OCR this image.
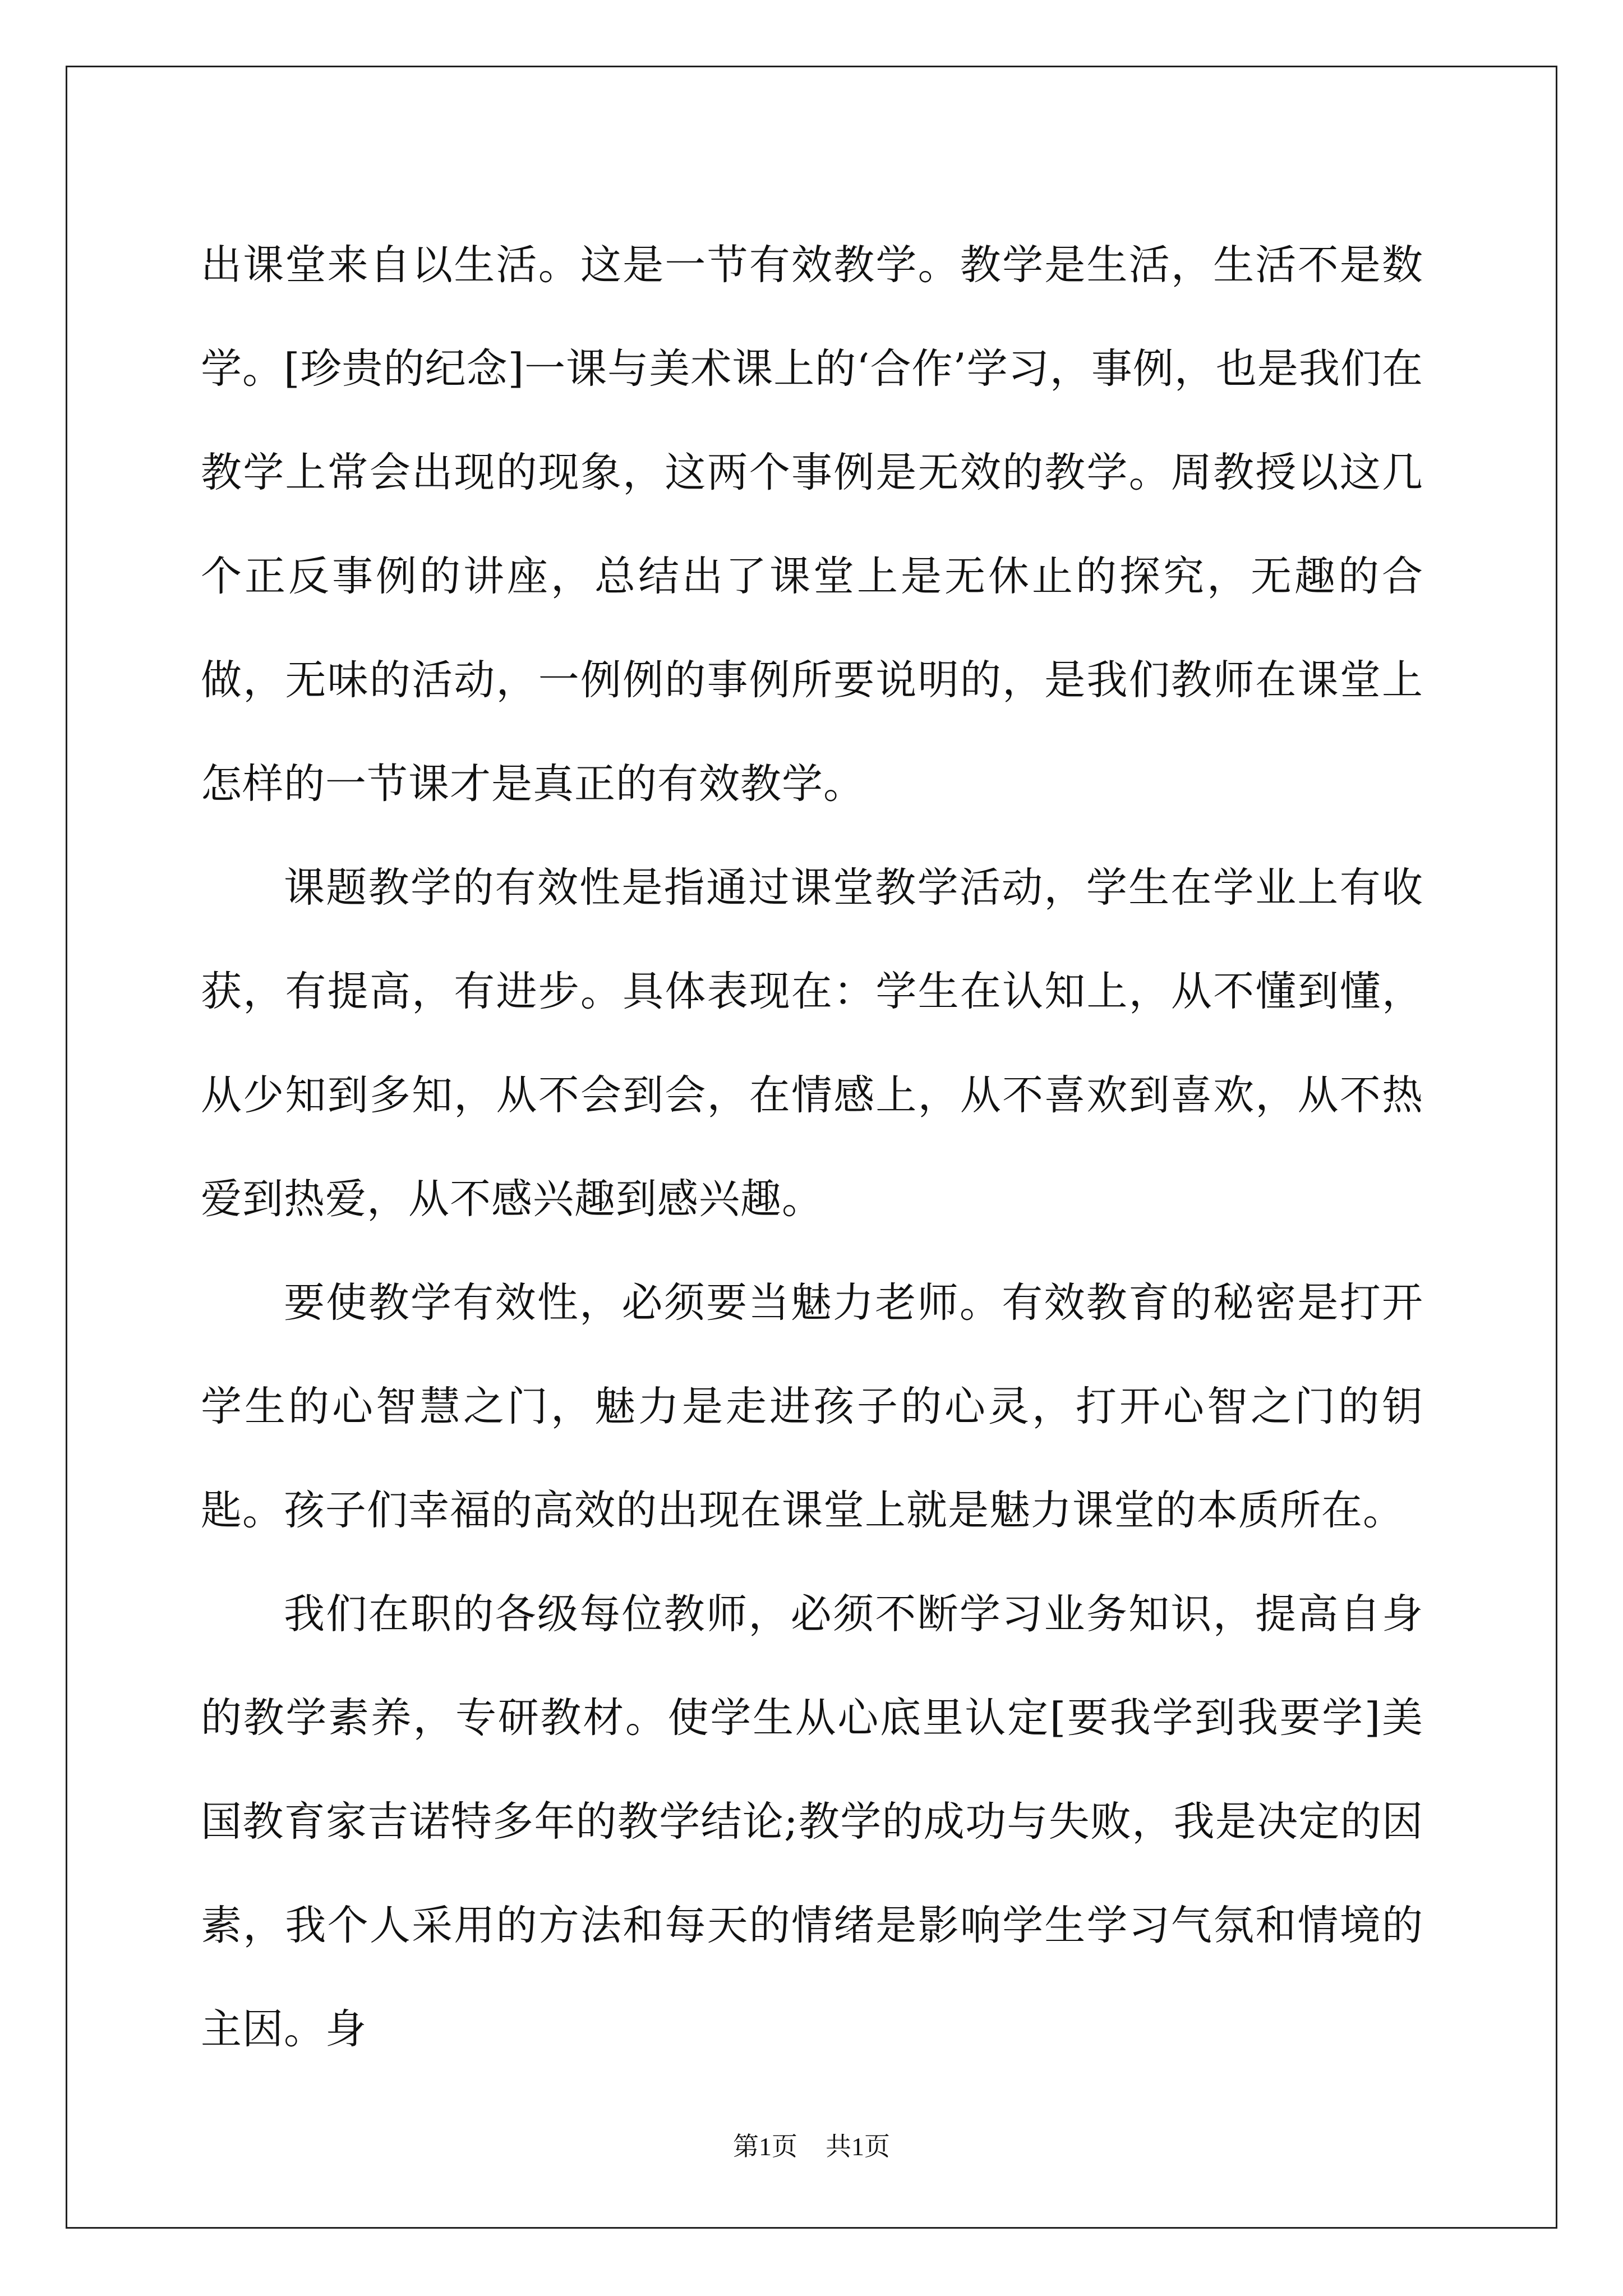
出课堂来自以生活。这是一节有效教学。教学是生活，生活不是数学。[珍贵的纪念]一课与美术课上的‘合作’学习，事例，也是我们在教学上常会出现的现象，这两个事例是无效的教学。周教授以这几个正反事例的讲座，总结出了课堂上是无休止的探究，无趣的合做，无味的活动，一例例的事例所要说明的，是我们教师在课堂上怎样的一节课才是真正的有效教学。

课题教学的有效性是指通过课堂教学活动，学生在学业上有收获，有提高，有进步。具体表现在：学生在认知上，从不懂到懂，从少知到多知，从不会到会，在情感上，从不喜欢到喜欢，从不热爱到热爱，从不感兴趣到感兴趣。

要使教学有效性，必须要当魅力老师。有效教育的秘密是打开学生的心智慧之门，魅力是走进孩子的心灵，打开心智之门的钥匙。孩子们幸福的高效的出现在课堂上就是魅力课堂的本质所在。

我们在职的各级每位教师，必须不断学习业务知识，提高自身的教学素养，专研教材。使学生从心底里认定[要我学到我要学]美国教育家吉诺特多年的教学结论;教学的成功与失败，我是决定的因素，我个人采用的方法和每天的情绪是影响学生学习气氛和情境的主因。身

第1页 共1页
